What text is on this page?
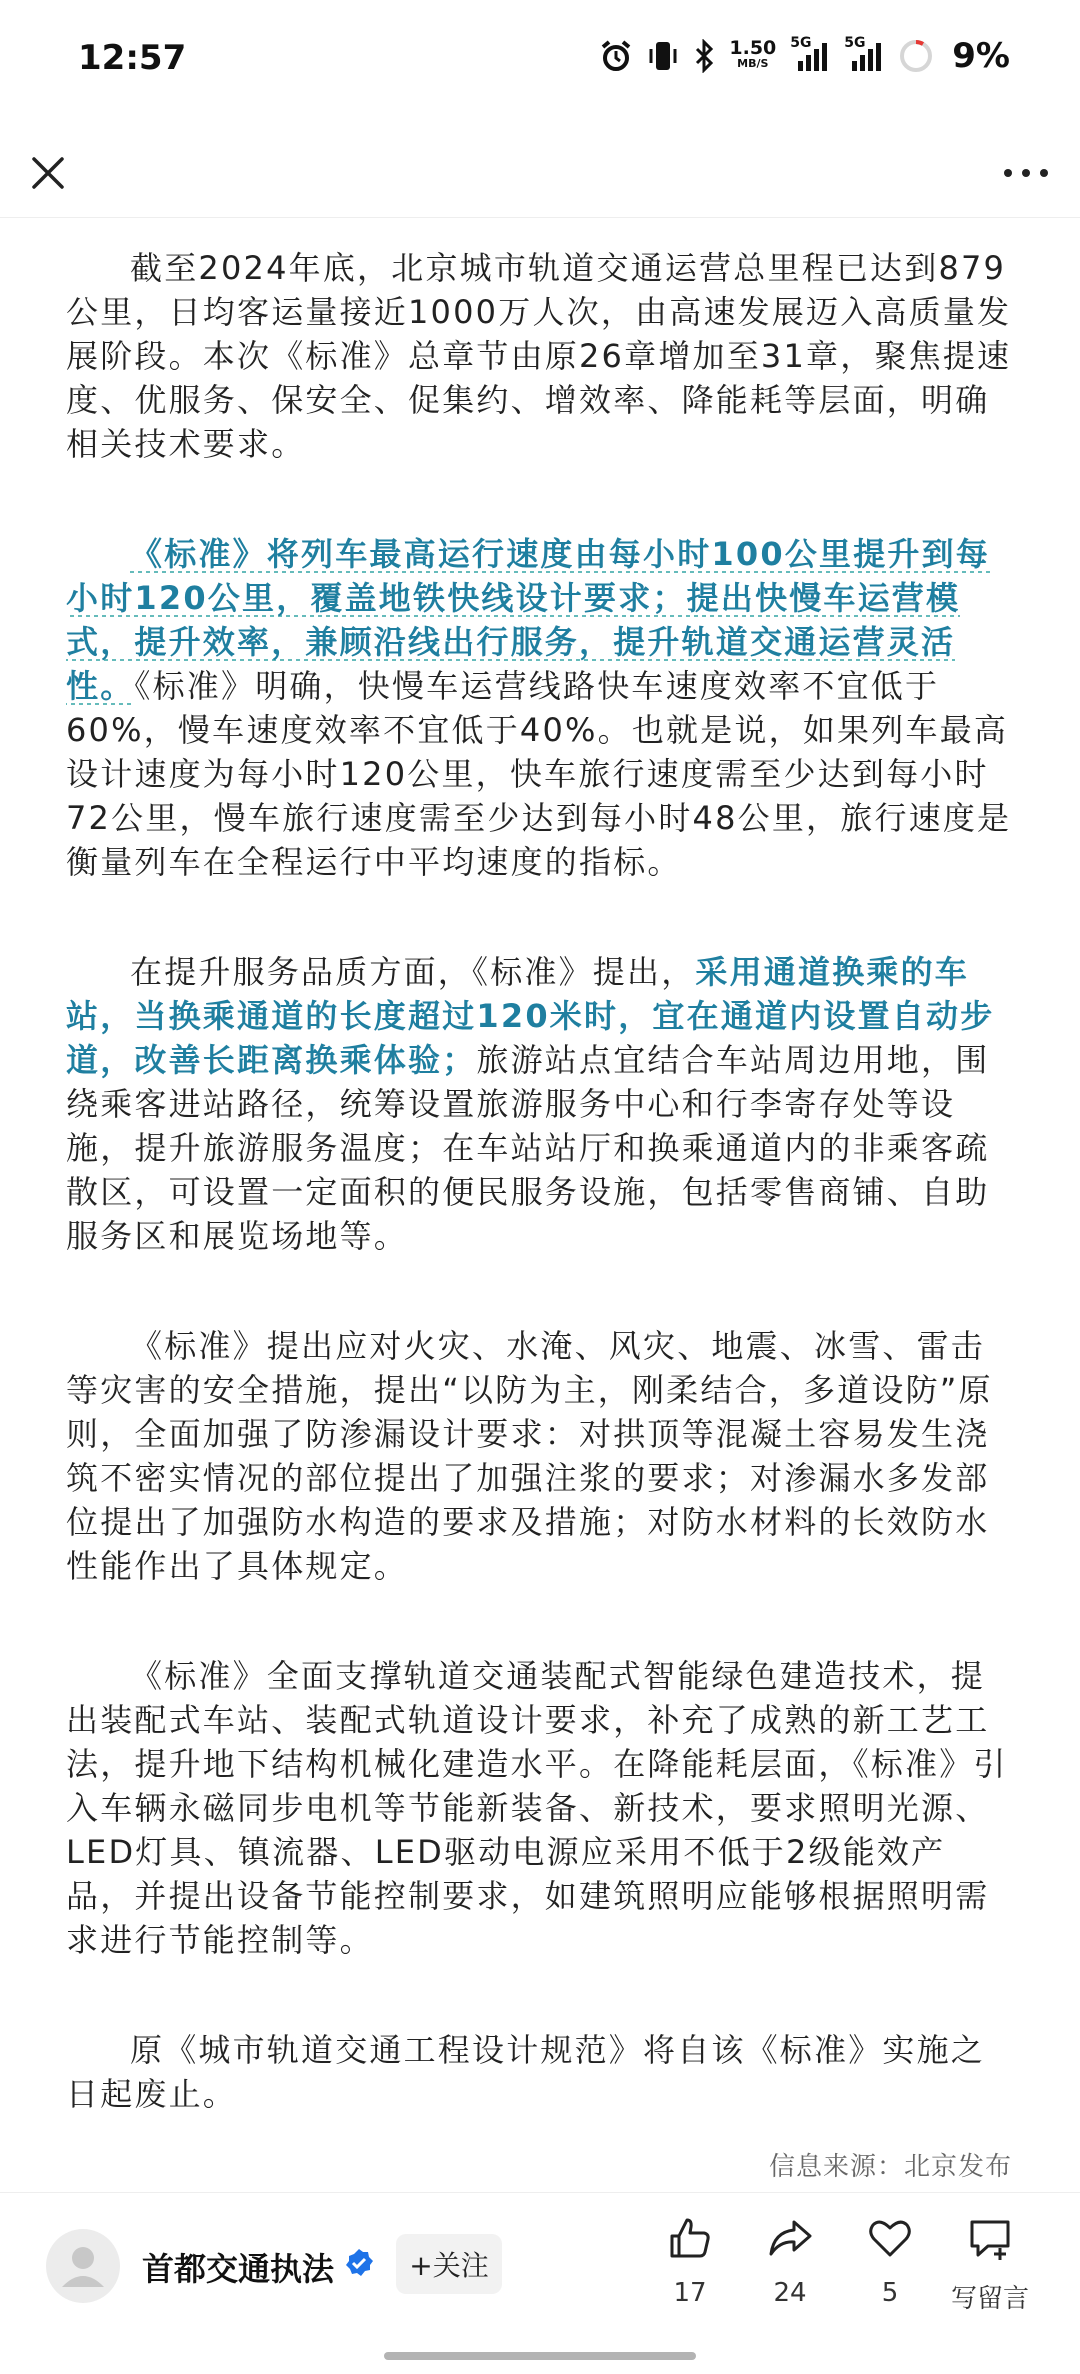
12:57	1.50
MB/S
5G 5G	9%

截至2024年底，北京城市轨道交通运营总里程已达到879公里，日均客运量接近1000万人次，由高速发展迈入高质量发展阶段。本次《标准》总章节由原26章增加至31章，聚焦提速度、优服务、保安全、促集约、增效率、降能耗等层面，明确相关技术要求。

《标准》将列车最高运行速度由每小时100公里提升到每小时120公里，覆盖地铁快线设计要求；提出快慢车运营模式，提升效率，兼顾沿线出行服务，提升轨道交通运营灵活性。《标准》明确，快慢车运营线路快车速度效率不宜低于60%，慢车速度效率不宜低于40%。也就是说，如果列车最高设计速度为每小时120公里，快车旅行速度需至少达到每小时72公里，慢车旅行速度需至少达到每小时48公里，旅行速度是衡量列车在全程运行中平均速度的指标。

在提升服务品质方面，《标准》提出，采用通道换乘的车站，当换乘通道的长度超过120米时，宜在通道内设置自动步道，改善长距离换乘体验；旅游站点宜结合车站周边用地，围绕乘客进站路径，统筹设置旅游服务中心和行李寄存处等设施，提升旅游服务温度；在车站站厅和换乘通道内的非乘客疏散区，可设置一定面积的便民服务设施，包括零售商铺、自助服务区和展览场地等。

《标准》提出应对火灾、水淹、风灾、地震、冰雪、雷击等灾害的安全措施，提出“以防为主，刚柔结合，多道设防”原则，全面加强了防渗漏设计要求：对拱顶等混凝土容易发生浇筑不密实情况的部位提出了加强注浆的要求；对渗漏水多发部位提出了加强防水构造的要求及措施；对防水材料的长效防水性能作出了具体规定。

《标准》全面支撑轨道交通装配式智能绿色建造技术，提出装配式车站、装配式轨道设计要求，补充了成熟的新工艺工法，提升地下结构机械化建造水平。在降能耗层面，《标准》引入车辆永磁同步电机等节能新装备、新技术，要求照明光源、LED灯具、镇流器、LED驱动电源应采用不低于2级能效产品，并提出设备节能控制要求，如建筑照明应能够根据照明需求进行节能控制等。

原《城市轨道交通工程设计规范》将自该《标准》实施之日起废止。

信息来源：北京发布
首都交通执法	+关注
17	24	5	写留言
